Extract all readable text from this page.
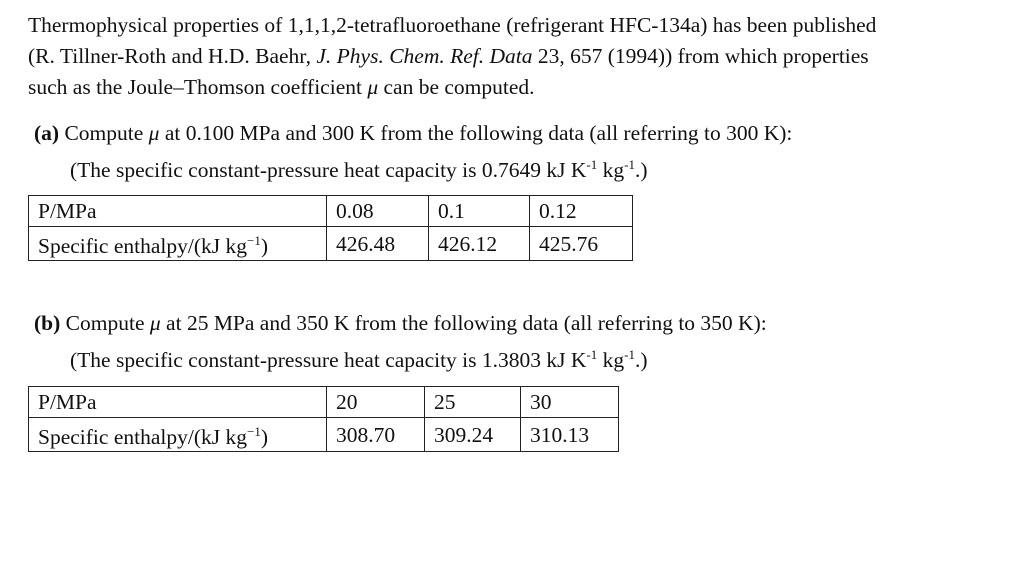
Thermophysical properties of 1,1,1,2-tetrafluoroethane (refrigerant HFC-134a) has been published
(R. Tillner-Roth and H.D. Baehr, J. Phys. Chem. Ref. Data 23, 657 (1994)) from which properties
such as the Joule–Thomson coefficient μ can be computed.
(a) Compute μ at 0.100 MPa and 300 K from the following data (all referring to 300 K):
(The specific constant-pressure heat capacity is 0.7649 kJ $K^{-1}$ $kg^{-1}$.)
P/MPa	0.08	0.1	0.12
Specific enthalpy/(kJ $kg^{-1}$)	426.48	426.12	425.76
(b) Compute μ at 25 MPa and 350 K from the following data (all referring to 350 K):
(The specific constant-pressure heat capacity is 1.3803 kJ $K^{-1}$ $kg^{-1}$.)
P/MPa	20	25	30
Specific enthalpy/(kJ $kg^{-1}$)	308.70	309.24	310.13
